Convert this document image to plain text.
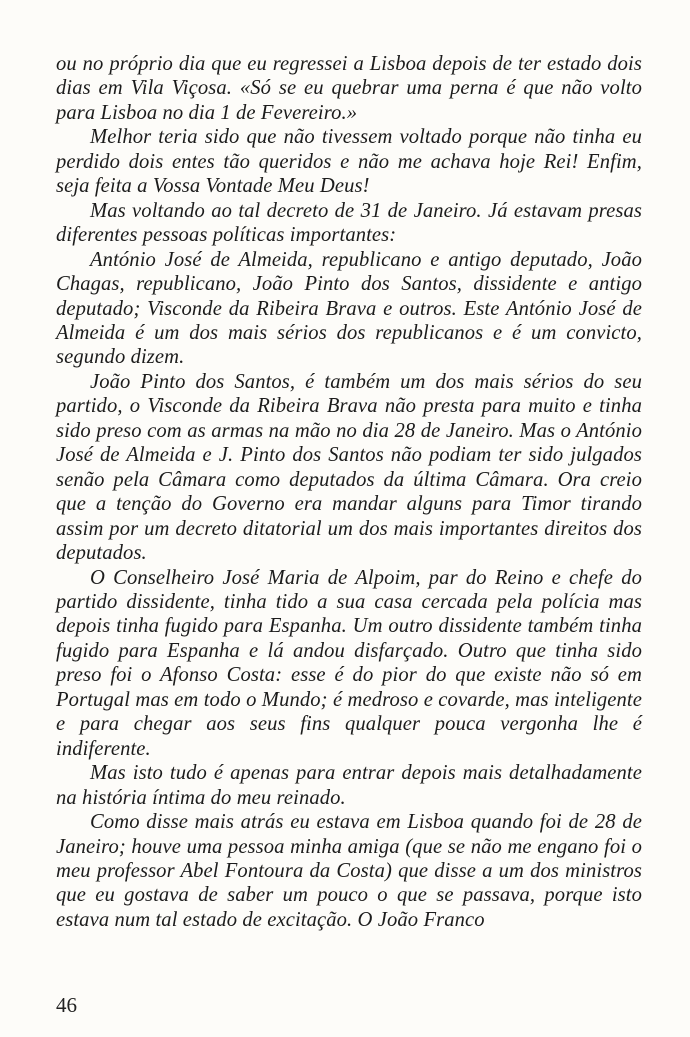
ou no próprio dia que eu regressei a Lisboa depois de ter estado dois dias em Vila Viçosa. «Só se eu quebrar uma perna é que não volto para Lisboa no dia 1 de Fevereiro.»

Melhor teria sido que não tivessem voltado porque não tinha eu perdido dois entes tão queridos e não me achava hoje Rei! Enfim, seja feita a Vossa Vontade Meu Deus!

Mas voltando ao tal decreto de 31 de Janeiro. Já estavam presas diferentes pessoas políticas importantes:

António José de Almeida, republicano e antigo deputado, João Chagas, republicano, João Pinto dos Santos, dissidente e antigo deputado; Visconde da Ribeira Brava e outros. Este António José de Almeida é um dos mais sérios dos republicanos e é um convicto, segundo dizem.

João Pinto dos Santos, é também um dos mais sérios do seu partido, o Visconde da Ribeira Brava não presta para muito e tinha sido preso com as armas na mão no dia 28 de Janeiro. Mas o António José de Almeida e J. Pinto dos Santos não podiam ter sido julgados senão pela Câmara como deputados da última Câmara. Ora creio que a tenção do Governo era mandar alguns para Timor tirando assim por um decreto ditatorial um dos mais importantes direitos dos deputados.

O Conselheiro José Maria de Alpoim, par do Reino e chefe do partido dissidente, tinha tido a sua casa cercada pela polícia mas depois tinha fugido para Espanha. Um outro dissidente também tinha fugido para Espanha e lá andou disfarçado. Outro que tinha sido preso foi o Afonso Costa: esse é do pior do que existe não só em Portugal mas em todo o Mundo; é medroso e covarde, mas inteligente e para chegar aos seus fins qualquer pouca vergonha lhe é indiferente.

Mas isto tudo é apenas para entrar depois mais detalhadamente na história íntima do meu reinado.

Como disse mais atrás eu estava em Lisboa quando foi de 28 de Janeiro; houve uma pessoa minha amiga (que se não me engano foi o meu professor Abel Fontoura da Costa) que disse a um dos ministros que eu gostava de saber um pouco o que se passava, porque isto estava num tal estado de excitação. O João Franco

46
